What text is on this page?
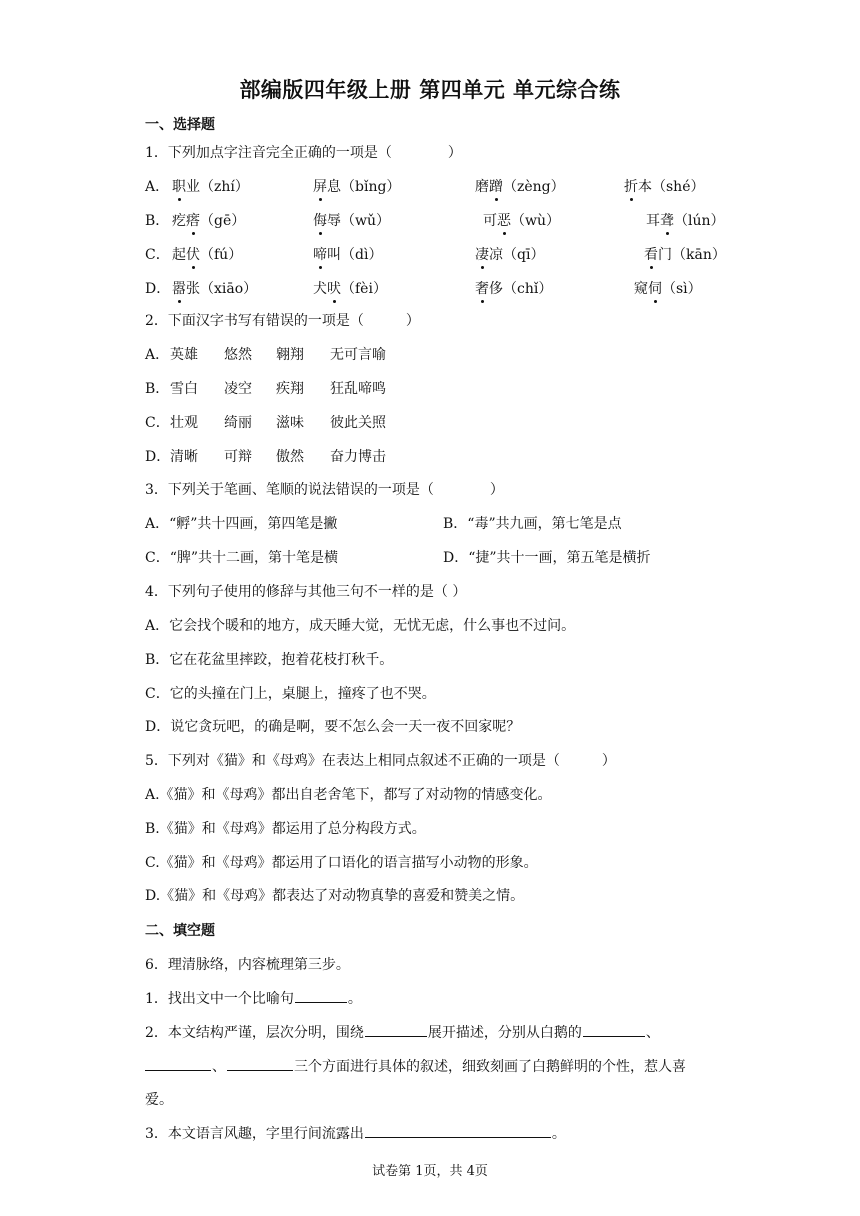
部编版四年级上册 第四单元 单元综合练
一、选择题
1．下列加点字注音完全正确的一项是（　　　　）
A． 职业（zhí）	屏息（bǐng）	磨蹭（zèng）	折本（shé）
B． 疙瘩（gē）	侮辱（wǔ）	可恶（wù）	耳聋（lún）
C． 起伏（fú）	啼叫（dì）	凄凉（qī）	看门（kān）
D． 嚣张（xiāo）	犬吠（fèi）	奢侈（chǐ）	窥伺（sì）
2．下面汉字书写有错误的一项是（　　　）
A． 英雄 悠然 翱翔 无可言喻
B． 雪白 凌空 疾翔 狂乱啼鸣
C． 壮观 绮丽 滋味 彼此关照
D． 清晰 可辩 傲然 奋力博击
3．下列关于笔画、笔顺的说法错误的一项是（　　　　）
A．“孵”共十四画，第四笔是撇	B．“毒”共九画，第七笔是点
C．“脾”共十二画，第十笔是横	D．“捷”共十一画，第五笔是横折
4．下列句子使用的修辞与其他三句不一样的是（ ）
A．它会找个暖和的地方，成天睡大觉，无忧无虑，什么事也不过问。
B．它在花盆里摔跤，抱着花枝打秋千。
C．它的头撞在门上，桌腿上，撞疼了也不哭。
D．说它贪玩吧，的确是啊，要不怎么会一天一夜不回家呢？
5．下列对《猫》和《母鸡》在表达上相同点叙述不正确的一项是（　　　）
A.《猫》和《母鸡》都出自老舍笔下，都写了对动物的情感变化。
B.《猫》和《母鸡》都运用了总分构段方式。
C.《猫》和《母鸡》都运用了口语化的语言描写小动物的形象。
D.《猫》和《母鸡》都表达了对动物真挚的喜爱和赞美之情。
二、填空题
6．理清脉络，内容梳理第三步。
1．找出文中一个比喻句	。
2．本文结构严谨，层次分明，围绕	展开描述，分别从白鹅的	、
、	三个方面进行具体的叙述，细致刻画了白鹅鲜明的个性，惹人喜
爱。
3．本文语言风趣，字里行间流露出	。
试卷第 1页，共 4页
